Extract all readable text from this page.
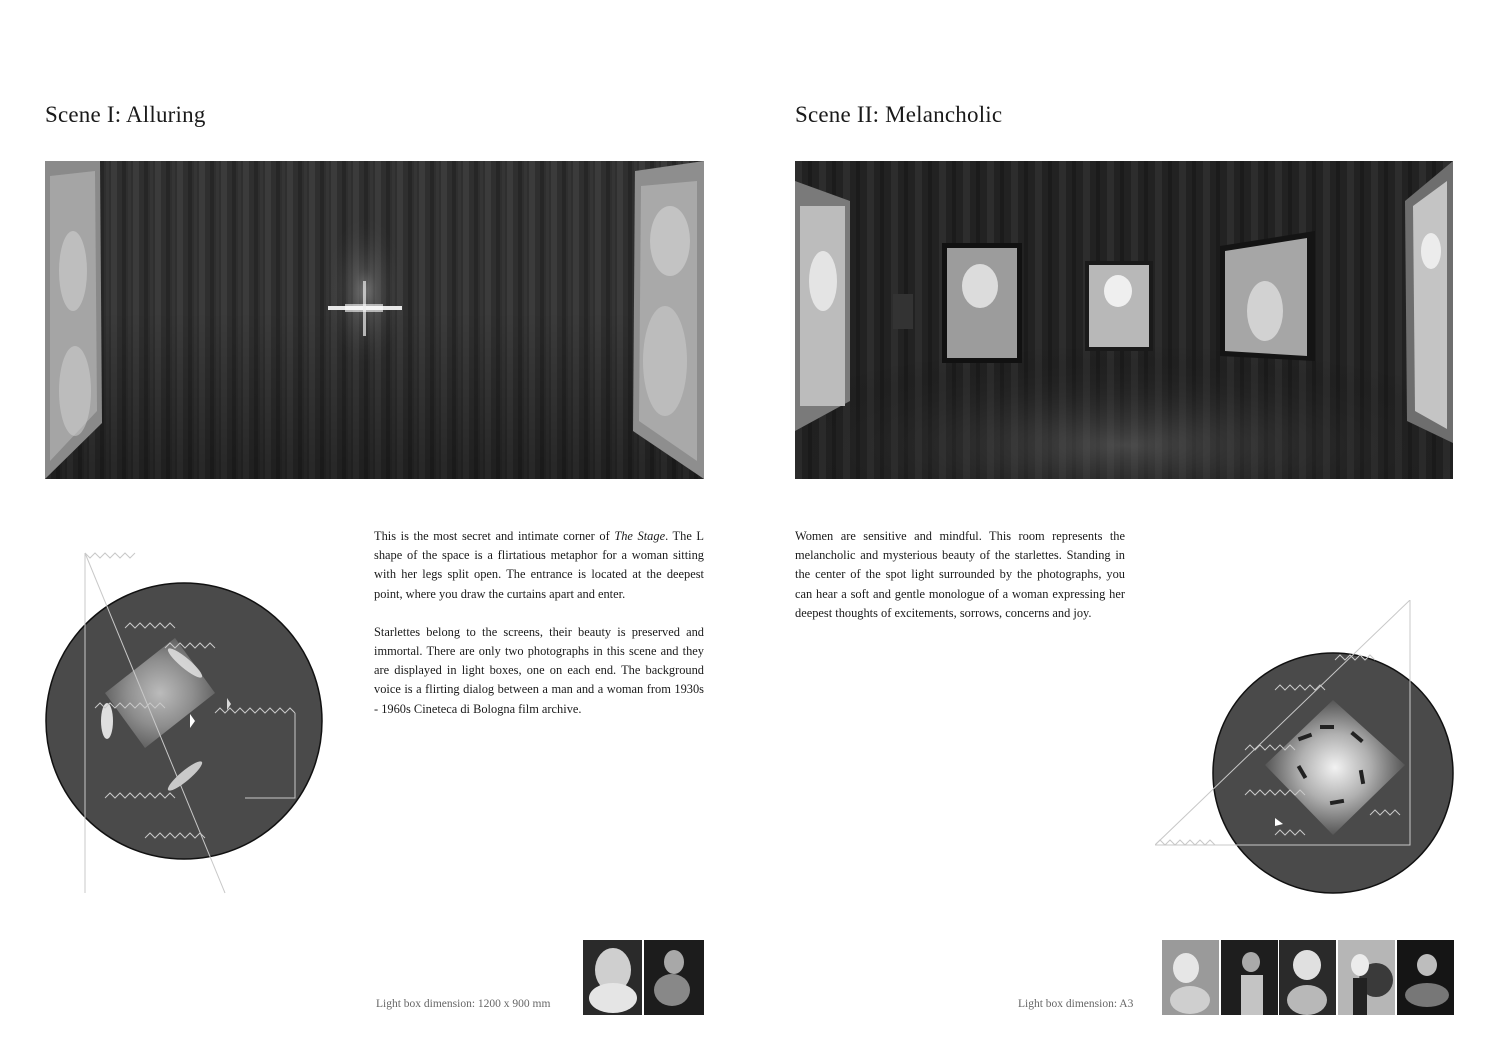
Scene I: Alluring

This is the most secret and intimate corner of The Stage. The L shape of the space is a flirtatious metaphor for a woman sitting with her legs split open. The entrance is located at the deepest point, where you draw the curtains apart and enter.

Starlettes belong to the screens, their beauty is preserved and immortal. There are only two photographs in this scene and they are displayed in light boxes, one on each end. The background voice is a flirting dialog between a man and a woman from 1930s - 1960s Cineteca di Bologna film archive.

Light box dimension: 1200 x 900 mm
Scene II: Melancholic

Women are sensitive and mindful. This room represents the melancholic and mysterious beauty of the starlettes. Standing in the center of the spot light surrounded by the photographs, you can hear a soft and gentle monologue of a woman expressing her deepest thoughts of excitements, sorrows, concerns and joy.

Light box dimension: A3
